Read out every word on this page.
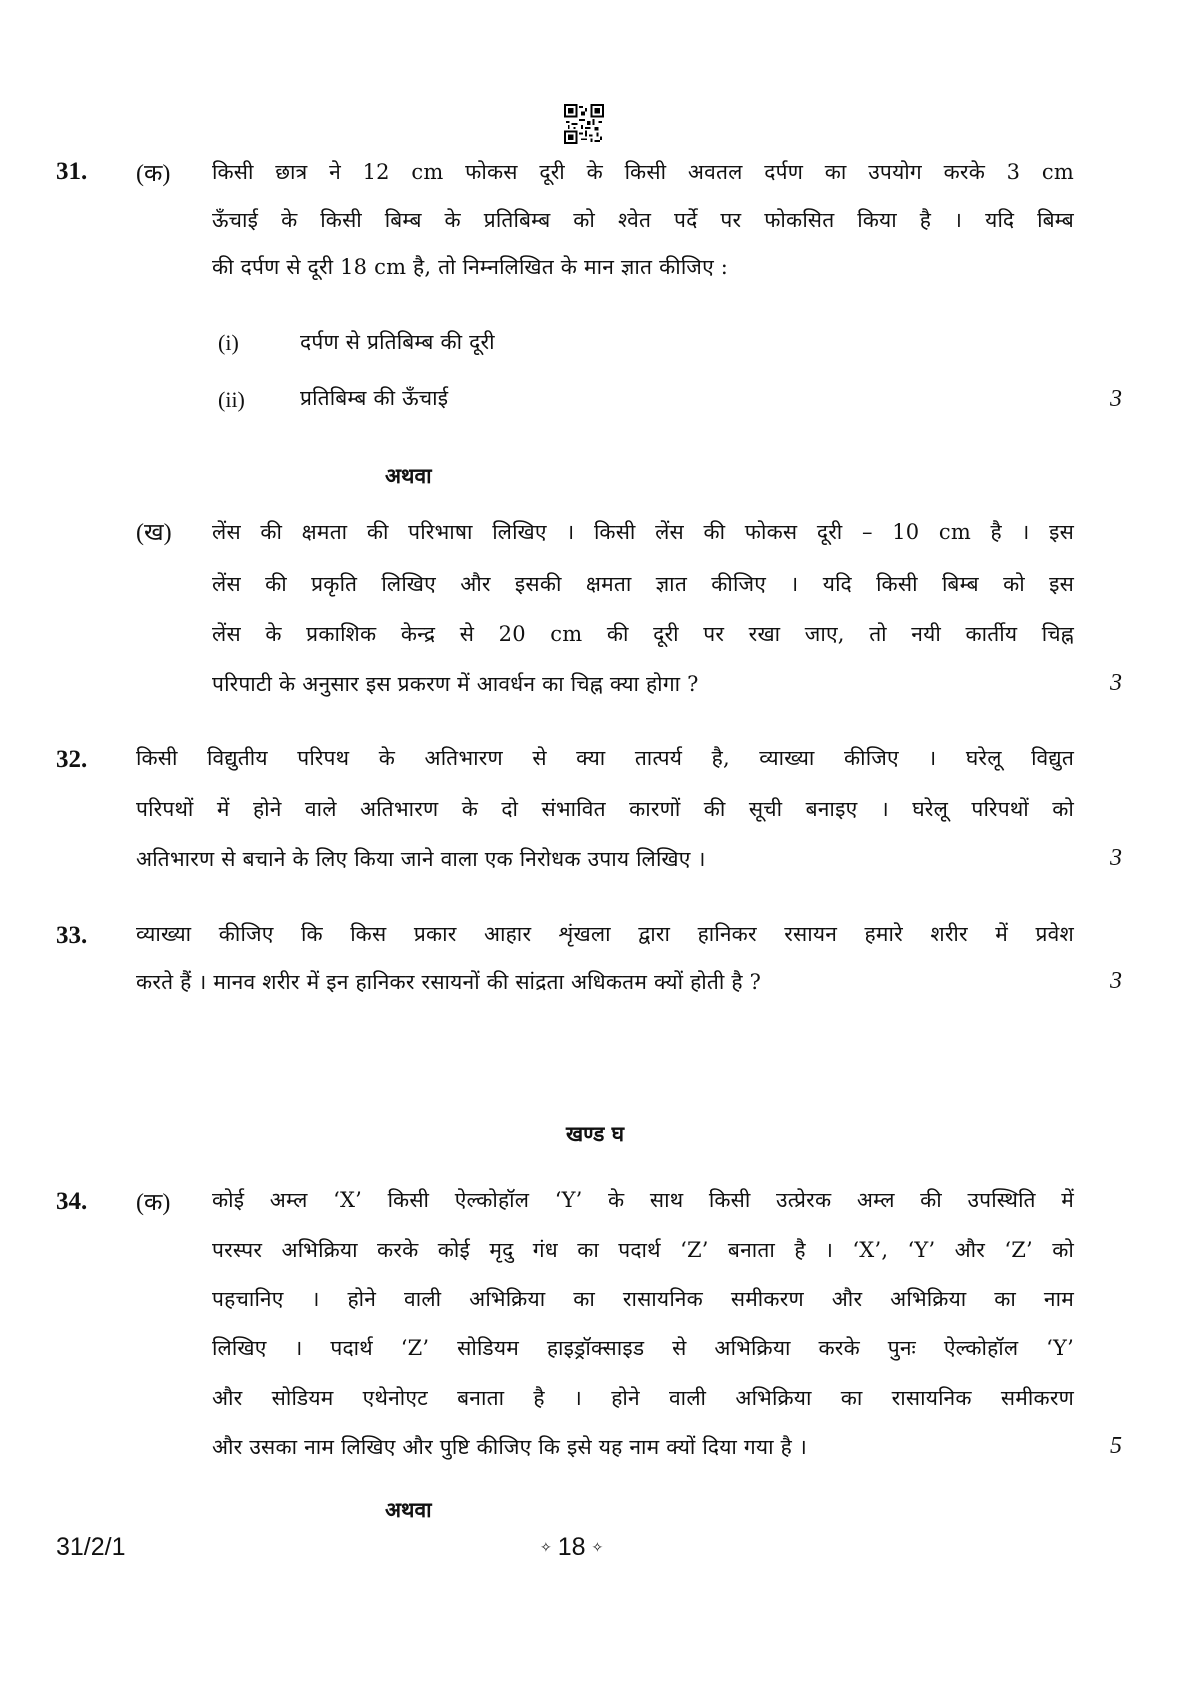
31. (क) किसी छात्र ने 12 cm फोकस दूरी के किसी अवतल दर्पण का उपयोग करके 3 cm
ऊँचाई के किसी बिम्ब के प्रतिबिम्ब को श्वेत पर्दे पर फोकसित किया है । यदि बिम्ब
की दर्पण से दूरी 18 cm है, तो निम्नलिखित के मान ज्ञात कीजिए :
(i)	दर्पण से प्रतिबिम्ब की दूरी
(ii)	प्रतिबिम्ब की ऊँचाई	3
अथवा
(ख) लेंस की क्षमता की परिभाषा लिखिए । किसी लेंस की फोकस दूरी – 10 cm है । इस
लेंस की प्रकृति लिखिए और इसकी क्षमता ज्ञात कीजिए । यदि किसी बिम्ब को इस
लेंस के प्रकाशिक केन्द्र से 20 cm की दूरी पर रखा जाए, तो नयी कार्तीय चिह्न
परिपाटी के अनुसार इस प्रकरण में आवर्धन का चिह्न क्या होगा ?	3
32. किसी विद्युतीय परिपथ के अतिभारण से क्या तात्पर्य है, व्याख्या कीजिए । घरेलू विद्युत
परिपथों में होने वाले अतिभारण के दो संभावित कारणों की सूची बनाइए । घरेलू परिपथों को
अतिभारण से बचाने के लिए किया जाने वाला एक निरोधक उपाय लिखिए ।	3
33. व्याख्या कीजिए कि किस प्रकार आहार शृंखला द्वारा हानिकर रसायन हमारे शरीर में प्रवेश
करते हैं । मानव शरीर में इन हानिकर रसायनों की सांद्रता अधिकतम क्यों होती है ?	3
खण्ड घ
34. (क) कोई अम्ल ‘X’ किसी ऐल्कोहॉल ‘Y’ के साथ किसी उत्प्रेरक अम्ल की उपस्थिति में
परस्पर अभिक्रिया करके कोई मृदु गंध का पदार्थ ‘Z’ बनाता है । ‘X’, ‘Y’ और ‘Z’ को
पहचानिए । होने वाली अभिक्रिया का रासायनिक समीकरण और अभिक्रिया का नाम
लिखिए । पदार्थ ‘Z’ सोडियम हाइड्रॉक्साइड से अभिक्रिया करके पुनः ऐल्कोहॉल ‘Y’
और सोडियम एथेनोएट बनाता है । होने वाली अभिक्रिया का रासायनिक समीकरण
और उसका नाम लिखिए और पुष्टि कीजिए कि इसे यह नाम क्यों दिया गया है ।	5
अथवा
31/2/1	✧ 18 ✧
